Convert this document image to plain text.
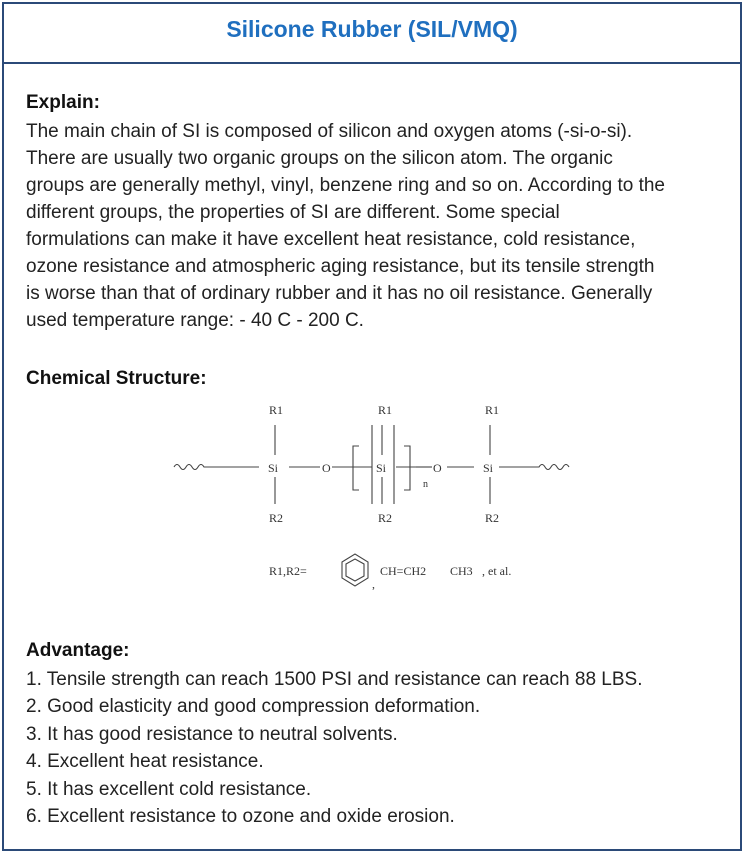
Silicone Rubber (SIL/VMQ)
Explain:
The main chain of SI is composed of silicon and oxygen atoms (-si-o-si).
There are usually two organic groups on the silicon atom. The organic
groups are generally methyl, vinyl, benzene ring and so on. According to the
different groups, the properties of SI are different. Some special
formulations can make it have excellent heat resistance, cold resistance,
ozone resistance and atmospheric aging resistance, but its tensile strength
is worse than that of ordinary rubber and it has no oil resistance. Generally
used temperature range: - 40 C - 200 C.
Chemical Structure:
R1
Si
R2
O
R1
Si
R2
O
n
R1
Si
R2
R1,R2=
,
CH=CH2 CH3 , et al.
Advantage:
1. Tensile strength can reach 1500 PSI and resistance can reach 88 LBS.
2. Good elasticity and good compression deformation.
3. It has good resistance to neutral solvents.
4. Excellent heat resistance.
5. It has excellent cold resistance.
6. Excellent resistance to ozone and oxide erosion.
